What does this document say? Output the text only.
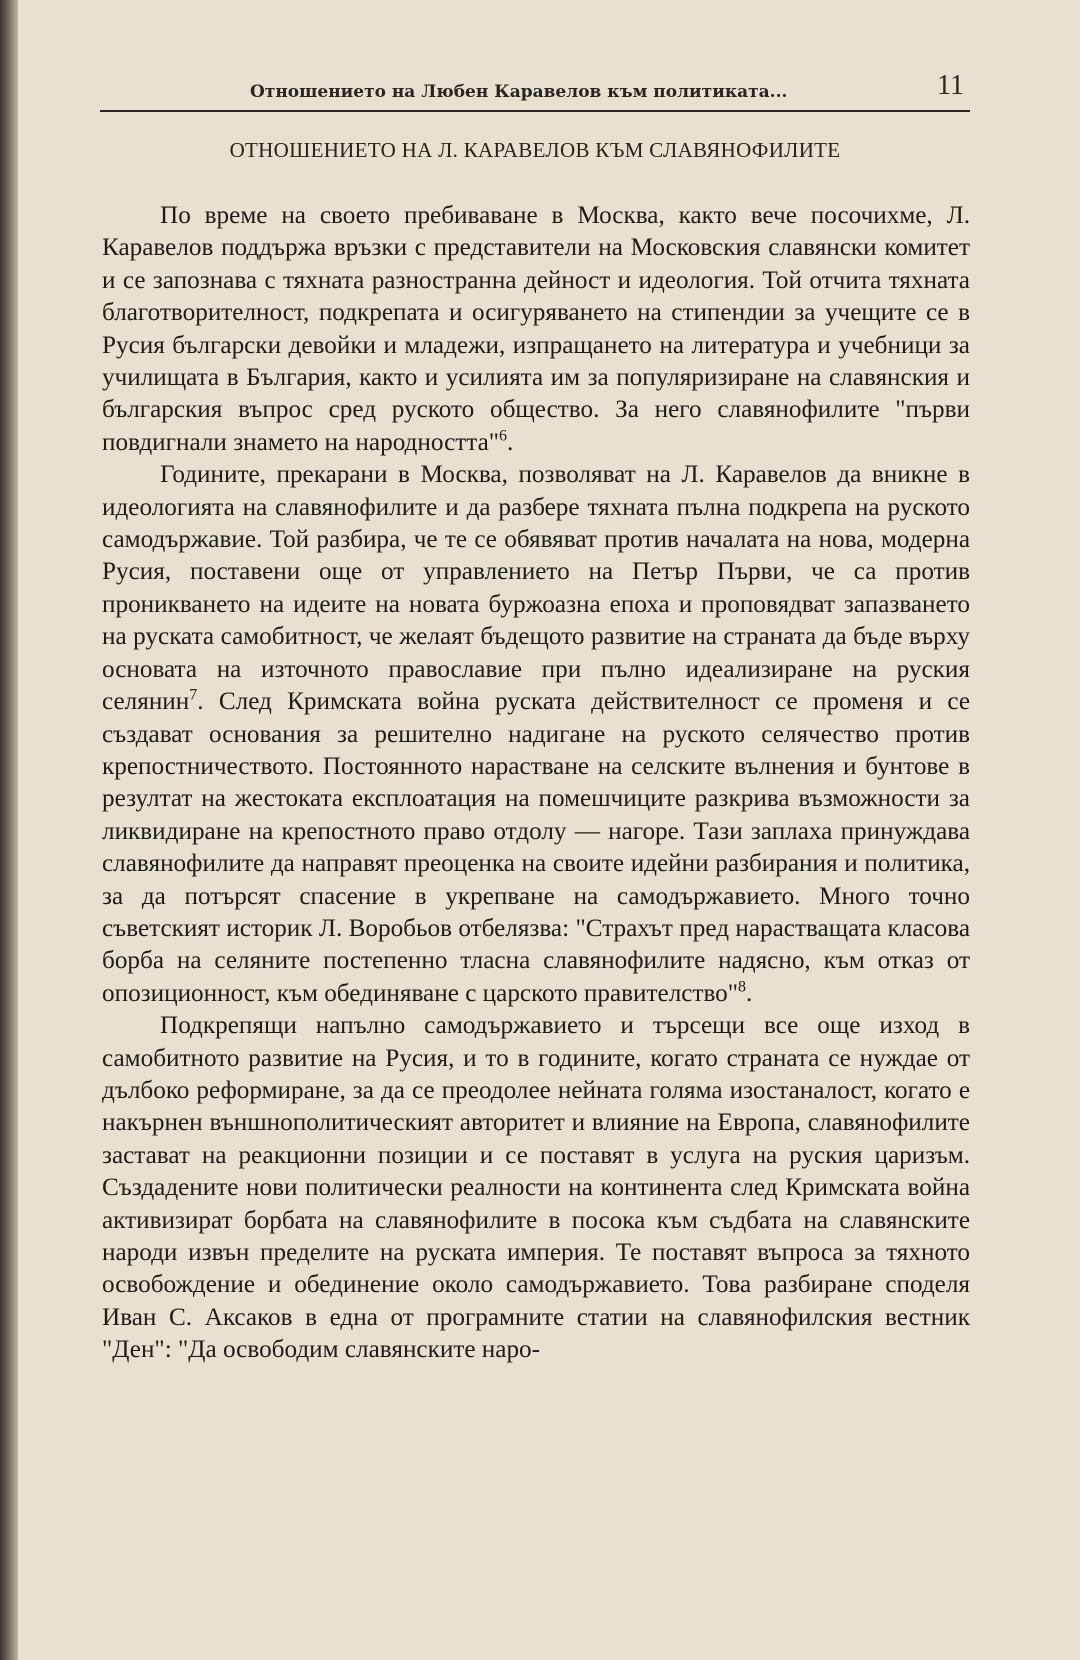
Отношението на Любен Каравелов към политиката...	11
ОТНОШЕНИЕТО НА Л. КАРАВЕЛОВ КЪМ СЛАВЯНОФИЛИТЕ

По време на своето пребиваване в Москва, както вече посочихме, Л. Каравелов поддържа връзки с представители на Московския славянски комитет и се запознава с тяхната разностранна дейност и идеология. Той отчита тяхната благотворителност, подкрепата и осигуряването на стипендии за учещите се в Русия български девойки и младежи, изпращането на литература и учебници за училищата в България, както и усилията им за популяризиране на славянския и българския въпрос сред руското общество. За него славянофилите "първи повдигнали знамето на народността"$^6$.

Годините, прекарани в Москва, позволяват на Л. Каравелов да вникне в идеологията на славянофилите и да разбере тяхната пълна подкрепа на руското самодържавие. Той разбира, че те се обявяват против началата на нова, модерна Русия, поставени още от управлението на Петър Първи, че са против проникването на идеите на новата буржоазна епоха и проповядват запазването на руската самобитност, че желаят бъдещото развитие на страната да бъде върху основата на източното православие при пълно идеализиране на руския селянин$^7$. След Кримската война руската действителност се променя и се създават основания за решително надигане на руското селячество против крепостничеството. Постоянното нарастване на селските вълнения и бунтове в резултат на жестоката експлоатация на помешчиците разкрива възможности за ликвидиране на крепостното право отдолу — нагоре. Тази заплаха принуждава славянофилите да направят преоценка на своите идейни разбирания и политика, за да потърсят спасение в укрепване на самодържавието. Много точно съветският историк Л. Воробьов отбелязва: "Страхът пред нарастващата класова борба на селяните постепенно тласна славянофилите надясно, към отказ от опозиционност, към обединяване с царското правителство"$^8$.

Подкрепящи напълно самодържавието и търсещи все още изход в самобитното развитие на Русия, и то в годините, когато страната се нуждае от дълбоко реформиране, за да се преодолее нейната голяма изостаналост, когато е накърнен външнополитическият авторитет и влияние на Европа, славянофилите застават на реакционни позиции и се поставят в услуга на руския царизъм. Създадените нови политически реалности на континента след Кримската война активизират борбата на славянофилите в посока към съдбата на славянските народи извън пределите на руската империя. Те поставят въпроса за тяхното освобождение и обединение около самодържавието. Това разбиране споделя Иван С. Аксаков в една от програмните статии на славянофилския вестник "Ден": "Да освободим славянските наро-
